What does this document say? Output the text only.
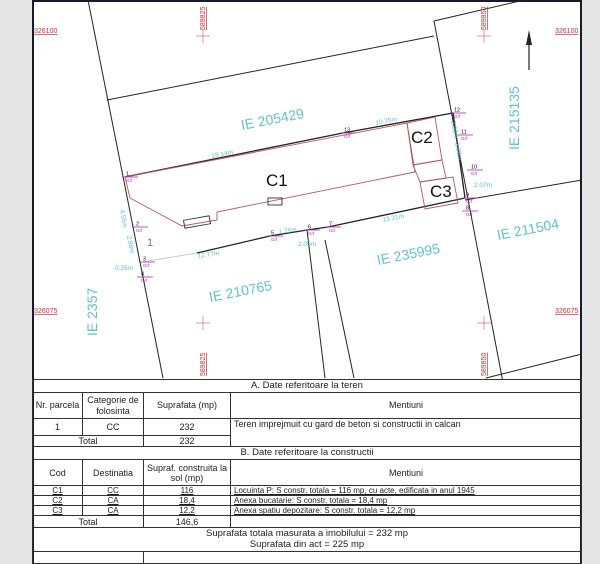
326100	326100
326075	326075
589825	589850
589825	589850
IE 205429	IE 215135
IE 211504
IE 235995
IE 210765
IE 2357
C1
C2
C3
18.14m
10.75m
4.55m
2.88m
0.25m
12.77m
1.75m
2.05m
13.31m
2.07m
3.96m
3.68m
1
1
Grf
2
Grf
3
Grf
4
Grf
5
Grf
6
Grf
7
Grf
8
Grf
9
Grf
10
Grf
11
Grf
12
Grf
13
Grf
A. Date referitoare la teren			
Nr. parcela	Categorie de folosinta	Suprafata (mp)	Mentiuni
1	CC	232	Teren imprejmuit cu gard de beton si constructii in calcan
Total		232	
B. Date referitoare la constructii			
Cod	Destinatia	Supraf. construita la sol (mp)	Mentiuni
C1	CC	116	Locuinta P: S constr. totala = 116 mp, cu acte, edificata in anul 1945
C2	CA	18,4	Anexa bucatarie: S constr. totala = 18,4 mp
C3	CA	12,2	Anexa spatiu depozitare: S constr. totala = 12,2 mp
Total		146,6	

Suprafata totala masurata a imobilului = 232 mp
Suprafata din act = 225 mp			
